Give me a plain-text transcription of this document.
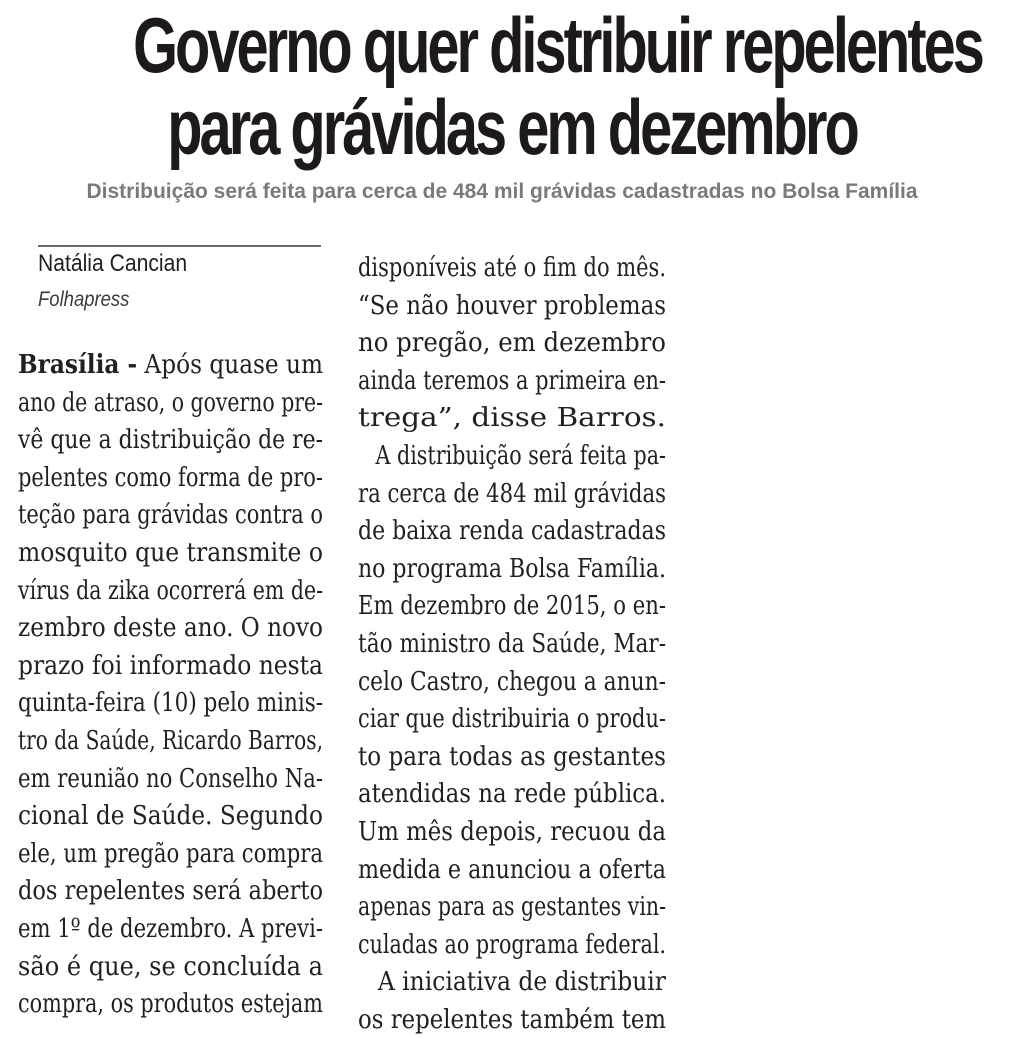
Governo quer distribuir repelentes
para grávidas em dezembro
Distribuição será feita para cerca de 484 mil grávidas cadastradas no Bolsa Família
Natália Cancian
Folhapress
Brasília - Após quase um
ano de atraso, o governo pre-
vê que a distribuição de re-
pelentes como forma de pro-
teção para grávidas contra o
mosquito que transmite o
vírus da zika ocorrerá em de-
zembro deste ano. O novo
prazo foi informado nesta
quinta-feira (10) pelo minis-
tro da Saúde, Ricardo Barros,
em reunião no Conselho Na-
cional de Saúde. Segundo
ele, um pregão para compra
dos repelentes será aberto
em 1º de dezembro. A previ-
são é que, se concluída a
compra, os produtos estejam
disponíveis até o fim do mês.
“Se não houver problemas
no pregão, em dezembro
ainda teremos a primeira en-
trega”, disse Barros.
A distribuição será feita pa-
ra cerca de 484 mil grávidas
de baixa renda cadastradas
no programa Bolsa Família.
Em dezembro de 2015, o en-
tão ministro da Saúde, Mar-
celo Castro, chegou a anun-
ciar que distribuiria o produ-
to para todas as gestantes
atendidas na rede pública.
Um mês depois, recuou da
medida e anunciou a oferta
apenas para as gestantes vin-
culadas ao programa federal.
A iniciativa de distribuir
os repelentes também tem
